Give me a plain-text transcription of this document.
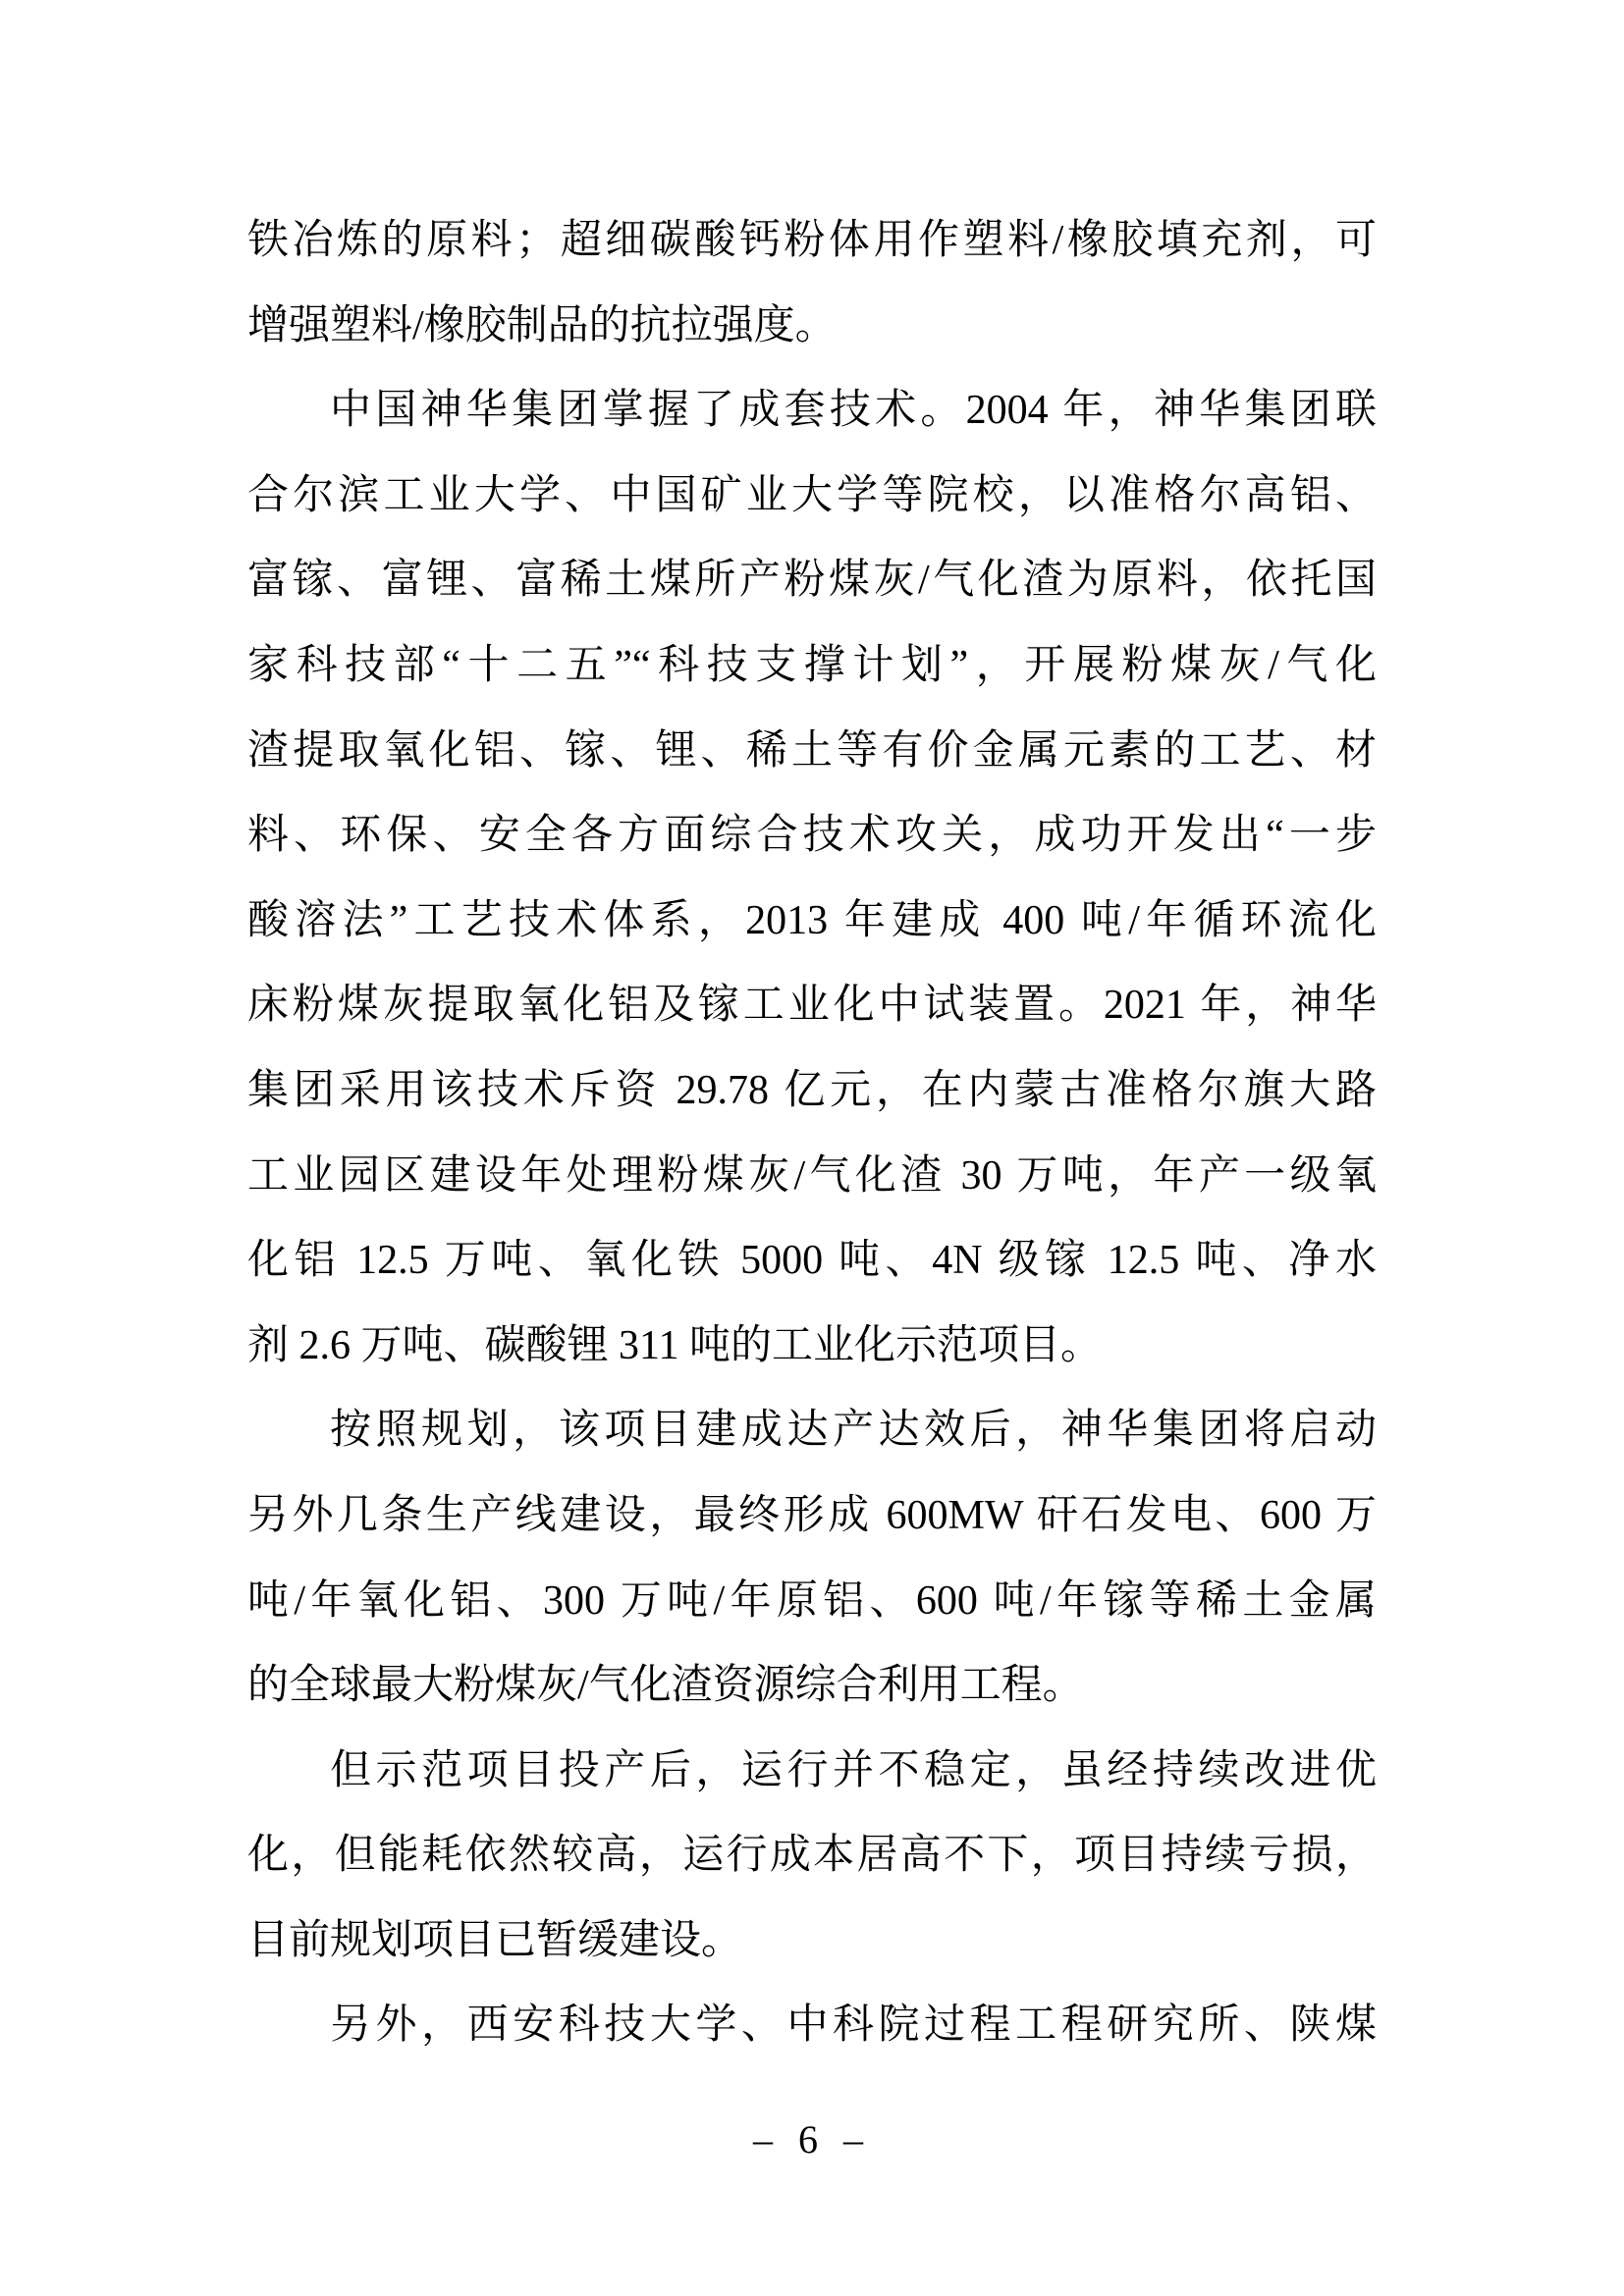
铁冶炼的原料；超细碳酸钙粉体用作塑料/橡胶填充剂，可
增强塑料/橡胶制品的抗拉强度。
中国神华集团掌握了成套技术。2004 年，神华集团联
合尔滨工业大学、中国矿业大学等院校，以准格尔高铝、
富镓、富锂、富稀土煤所产粉煤灰/气化渣为原料，依托国
家科技部“十二五”“科技支撑计划”，开展粉煤灰/气化
渣提取氧化铝、镓、锂、稀土等有价金属元素的工艺、材
料、环保、安全各方面综合技术攻关，成功开发出“一步
酸溶法”工艺技术体系，2013 年建成 400 吨/年循环流化
床粉煤灰提取氧化铝及镓工业化中试装置。2021 年，神华
集团采用该技术斥资 29.78 亿元，在内蒙古准格尔旗大路
工业园区建设年处理粉煤灰/气化渣 30 万吨，年产一级氧
化铝 12.5 万吨、氧化铁 5000 吨、4N 级镓 12.5 吨、净水
剂 2.6 万吨、碳酸锂 311 吨的工业化示范项目。
按照规划，该项目建成达产达效后，神华集团将启动
另外几条生产线建设，最终形成 600MW 矸石发电、600 万
吨/年氧化铝、300 万吨/年原铝、600 吨/年镓等稀土金属
的全球最大粉煤灰/气化渣资源综合利用工程。
但示范项目投产后，运行并不稳定，虽经持续改进优
化，但能耗依然较高，运行成本居高不下，项目持续亏损，
目前规划项目已暂缓建设。
另外，西安科技大学、中科院过程工程研究所、陕煤
– 6 –
